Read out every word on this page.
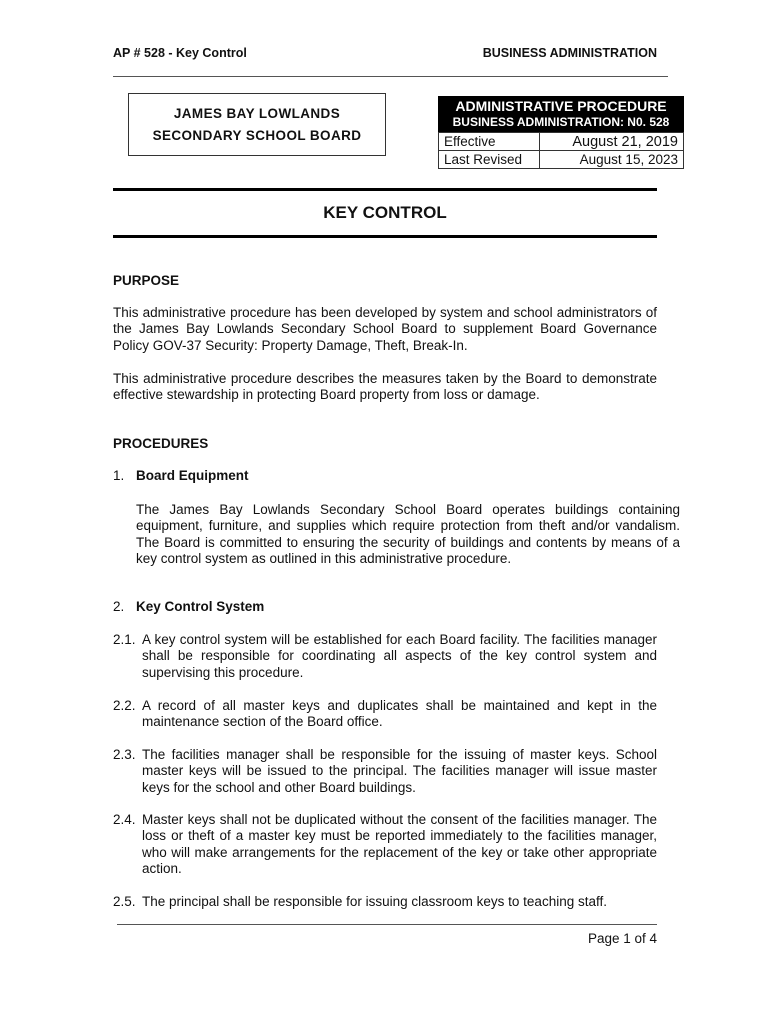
AP # 528 - Key Control	BUSINESS ADMINISTRATION
JAMES BAY LOWLANDS
SECONDARY SCHOOL BOARD
ADMINISTRATIVE PROCEDURE
BUSINESS ADMINISTRATION: N0. 528
Effective	August 21, 2019
Last Revised	August 15, 2023
KEY CONTROL
PURPOSE

This administrative procedure has been developed by system and school administrators of the James Bay Lowlands Secondary School Board to supplement Board Governance Policy GOV-37 Security: Property Damage, Theft, Break-In.

This administrative procedure describes the measures taken by the Board to demonstrate effective stewardship in protecting Board property from loss or damage.

PROCEDURES
1. Board Equipment

The James Bay Lowlands Secondary School Board operates buildings containing equipment, furniture, and supplies which require protection from theft and/or vandalism. The Board is committed to ensuring the security of buildings and contents by means of a key control system as outlined in this administrative procedure.

2. Key Control System
2.1. A key control system will be established for each Board facility. The facilities manager shall be responsible for coordinating all aspects of the key control system and supervising this procedure.
2.2. A record of all master keys and duplicates shall be maintained and kept in the maintenance section of the Board office.
2.3. The facilities manager shall be responsible for the issuing of master keys. School master keys will be issued to the principal. The facilities manager will issue master keys for the school and other Board buildings.
2.4. Master keys shall not be duplicated without the consent of the facilities manager. The loss or theft of a master key must be reported immediately to the facilities manager, who will make arrangements for the replacement of the key or take other appropriate action.
2.5. The principal shall be responsible for issuing classroom keys to teaching staff.
Page 1 of 4
